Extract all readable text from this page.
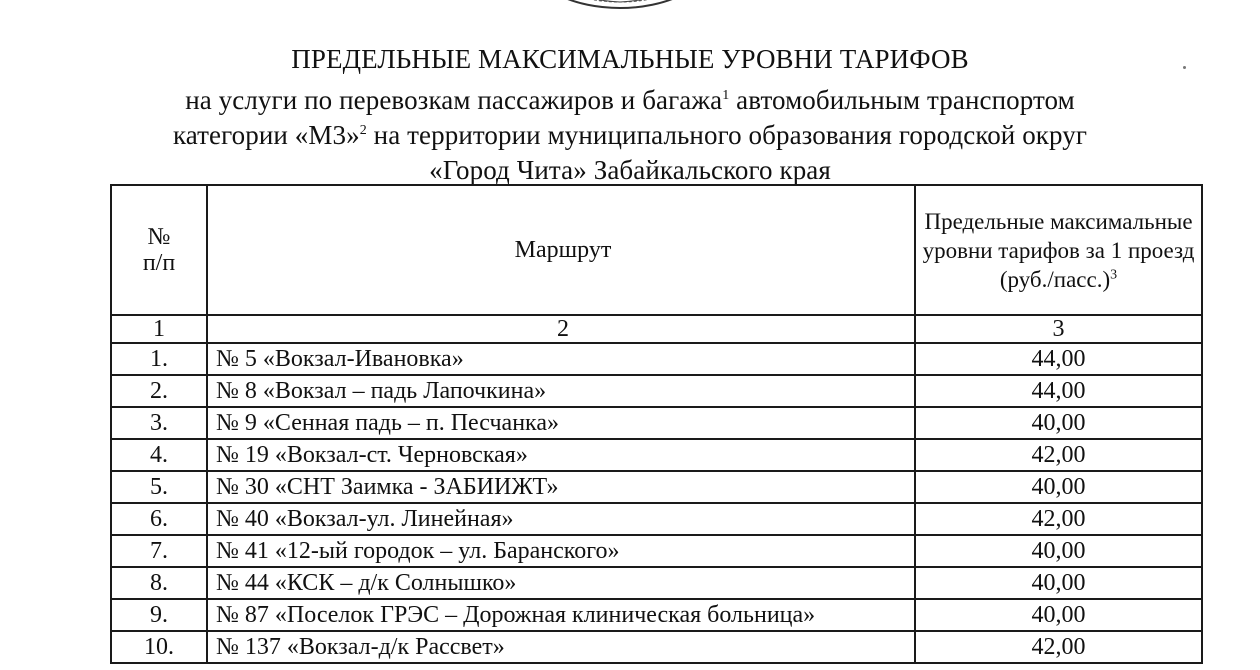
ПРЕДЕЛЬНЫЕ МАКСИМАЛЬНЫЕ УРОВНИ ТАРИФОВ
на услуги по перевозкам пассажиров и багажа$^1$ автомобильным транспортом
категории «М3»$^2$ на территории муниципального образования городской округ
«Город Чита» Забайкальского края
№
п/п	Маршрут	Предельные максимальные уровни тарифов за 1 проезд (руб./пасс.)$^3$
1	2	3
1.	№ 5 «Вокзал-Ивановка»	44,00
2.	№ 8 «Вокзал – падь Лапочкина»	44,00
3.	№ 9 «Сенная падь – п. Песчанка»	40,00
4.	№ 19 «Вокзал-ст. Черновская»	42,00
5.	№ 30 «СНТ Заимка - ЗАБИИЖТ»	40,00
6.	№ 40 «Вокзал-ул. Линейная»	42,00
7.	№ 41 «12-ый городок – ул. Баранского»	40,00
8.	№ 44 «КСК – д/к Солнышко»	40,00
9.	№ 87 «Поселок ГРЭС – Дорожная клиническая больница»	40,00
10.	№ 137 «Вокзал-д/к Рассвет»	42,00
